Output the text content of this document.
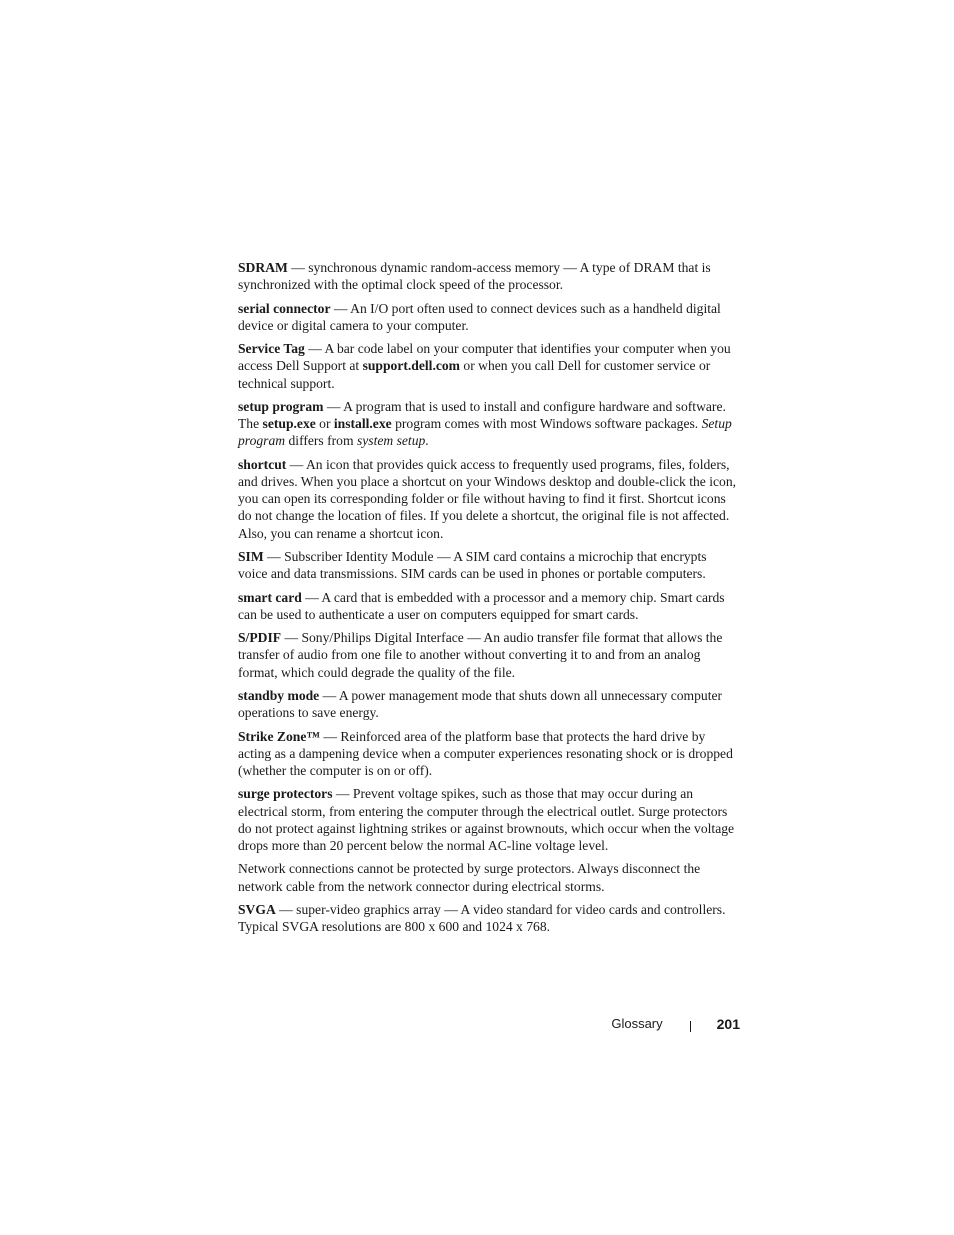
SDRAM — synchronous dynamic random-access memory — A type of DRAM that is synchronized with the optimal clock speed of the processor.

serial connector — An I/O port often used to connect devices such as a handheld digital device or digital camera to your computer.

Service Tag — A bar code label on your computer that identifies your computer when you access Dell Support at support.dell.com or when you call Dell for customer service or technical support.

setup program — A program that is used to install and configure hardware and software. The setup.exe or install.exe program comes with most Windows software packages. Setup program differs from system setup.

shortcut — An icon that provides quick access to frequently used programs, files, folders, and drives. When you place a shortcut on your Windows desktop and double-click the icon, you can open its corresponding folder or file without having to find it first. Shortcut icons do not change the location of files. If you delete a shortcut, the original file is not affected. Also, you can rename a shortcut icon.

SIM — Subscriber Identity Module — A SIM card contains a microchip that encrypts voice and data transmissions. SIM cards can be used in phones or portable computers.

smart card — A card that is embedded with a processor and a memory chip. Smart cards can be used to authenticate a user on computers equipped for smart cards.

S/PDIF — Sony/Philips Digital Interface — An audio transfer file format that allows the transfer of audio from one file to another without converting it to and from an analog format, which could degrade the quality of the file.

standby mode — A power management mode that shuts down all unnecessary computer operations to save energy.

Strike Zone™ — Reinforced area of the platform base that protects the hard drive by acting as a dampening device when a computer experiences resonating shock or is dropped (whether the computer is on or off).

surge protectors — Prevent voltage spikes, such as those that may occur during an electrical storm, from entering the computer through the electrical outlet. Surge protectors do not protect against lightning strikes or against brownouts, which occur when the voltage drops more than 20 percent below the normal AC-line voltage level.

Network connections cannot be protected by surge protectors. Always disconnect the network cable from the network connector during electrical storms.

SVGA — super-video graphics array — A video standard for video cards and controllers. Typical SVGA resolutions are 800 x 600 and 1024 x 768.

Glossary	201
